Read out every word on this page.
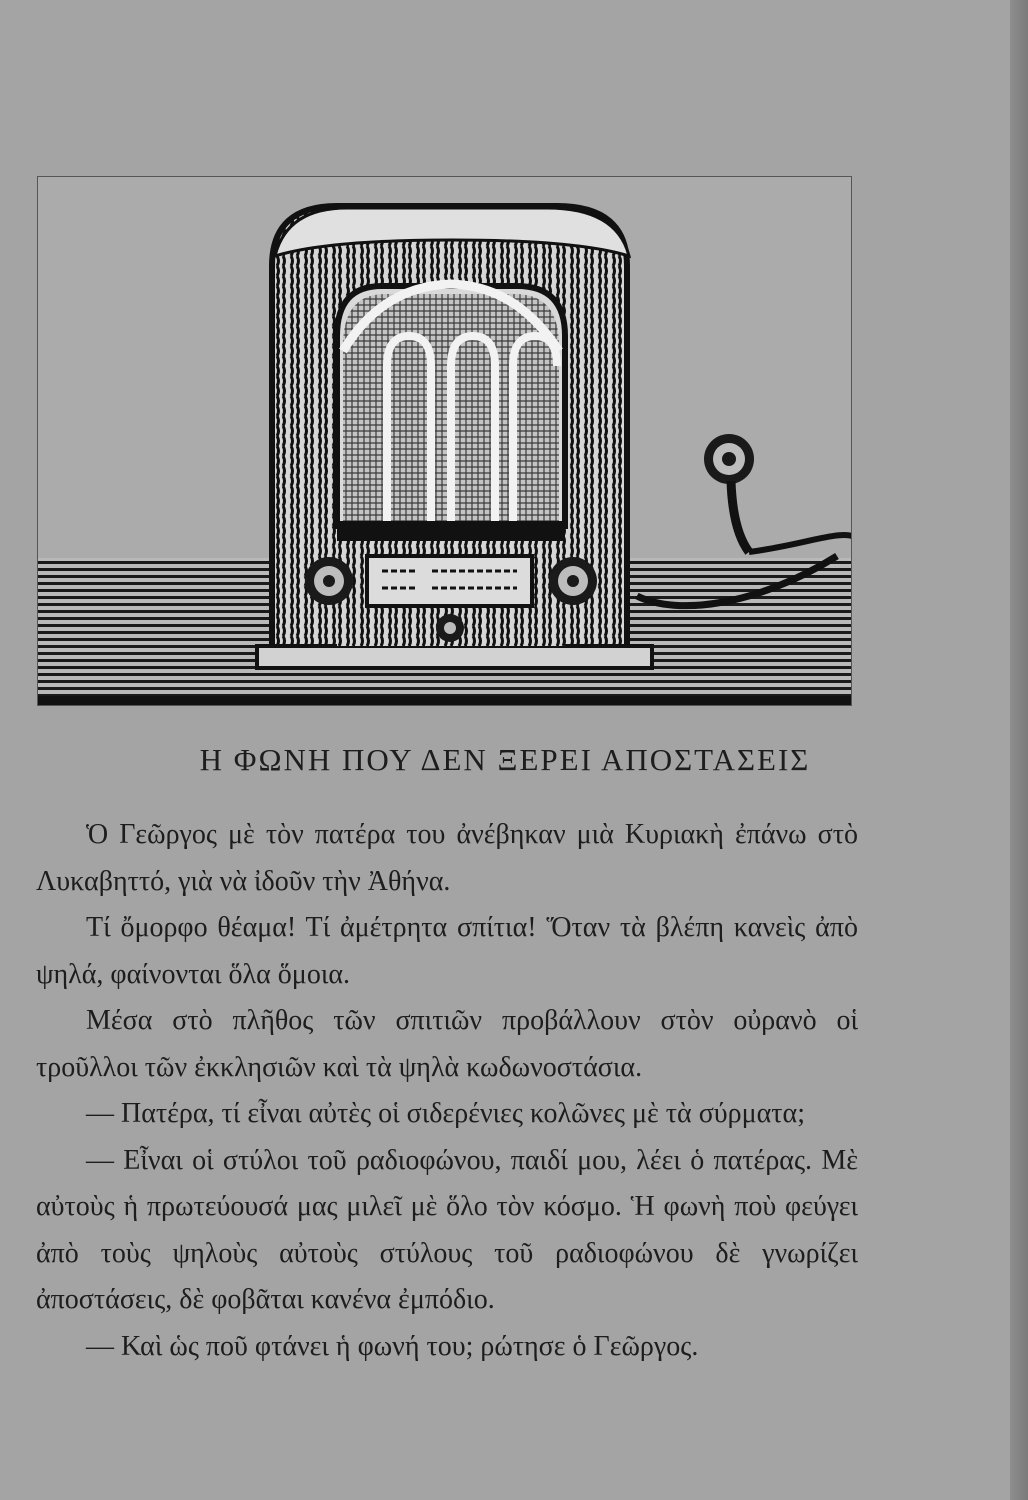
Η ΦΩΝΗ ΠΟΥ ΔΕΝ ΞΕΡΕΙ ΑΠΟΣΤΑΣΕΙΣ

Ὁ Γεῶργος μὲ τὸν πατέρα του ἀνέβηκαν μιὰ Κυριακὴ ἐπάνω στὸ Λυκαβηττό, γιὰ νὰ ἰδοῦν τὴν Ἀθήνα.

Τί ὄμορφο θέαμα! Τί ἀμέτρητα σπίτια! Ὅταν τὰ βλέπη κανεὶς ἀπὸ ψηλά, φαίνονται ὅλα ὅμοια.

Μέσα στὸ πλῆθος τῶν σπιτιῶν προβάλλουν στὸν οὐρανὸ οἱ τροῦλλοι τῶν ἐκκλησιῶν καὶ τὰ ψηλὰ κωδωνοστάσια.

— Πατέρα, τί εἶναι αὐτὲς οἱ σιδερένιες κολῶνες μὲ τὰ σύρματα;

— Εἶναι οἱ στύλοι τοῦ ραδιοφώνου, παιδί μου, λέει ὁ πατέρας. Μὲ αὐτοὺς ἡ πρωτεύουσά μας μιλεῖ μὲ ὅλο τὸν κόσμο. Ἡ φωνὴ ποὺ φεύγει ἀπὸ τοὺς ψηλοὺς αὐτοὺς στύλους τοῦ ραδιοφώνου δὲ γνωρίζει ἀποστάσεις, δὲ φοβᾶται κανένα ἐμπόδιο.

— Καὶ ὡς ποῦ φτάνει ἡ φωνή του; ρώτησε ὁ Γεῶργος.
